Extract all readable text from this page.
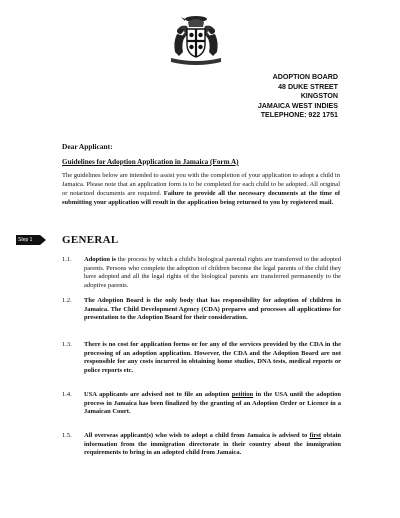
ADOPTION BOARD
48 DUKE STREET
KINGSTON
JAMAICA WEST INDIES
TELEPHONE: 922 1751
Dear Applicant:
Guidelines for Adoption Application in Jamaica (Form A)
The guidelines below are intended to assist you with the completion of your application to adopt a child in Jamaica. Please note that an application form is to be completed for each child to be adopted. All original or notarized documents are required. Failure to provide all the necessary documents at the time of submitting your application will result in the application being returned to you by registered mail.
Step 1	GENERAL
1.1. Adoption is the process by which a child's biological parental rights are transferred to the adopted parents. Persons who complete the adoption of children become the legal parents of the child they have adopted and all the legal rights of the biological parents are transferred permanently to the adoptive parents.
1.2. The Adoption Board is the only body that has responsibility for adoption of children in Jamaica. The Child Development Agency (CDA) prepares and processes all applications for presentation to the Adoption Board for their consideration.
1.3. There is no cost for application forms or for any of the services provided by the CDA in the processing of an adoption application. However, the CDA and the Adoption Board are not responsible for any costs incurred in obtaining home studies, DNA tests, medical reports or police reports etc.
1.4. USA applicants are advised not to file an adoption petition in the USA until the adoption process in Jamaica has been finalized by the granting of an Adoption Order or Licence in a Jamaican Court.
1.5. All overseas applicant(s) who wish to adopt a child from Jamaica is advised to first obtain information from the immigration directorate in their country about the immigration requirements to bring in an adopted child from Jamaica.
